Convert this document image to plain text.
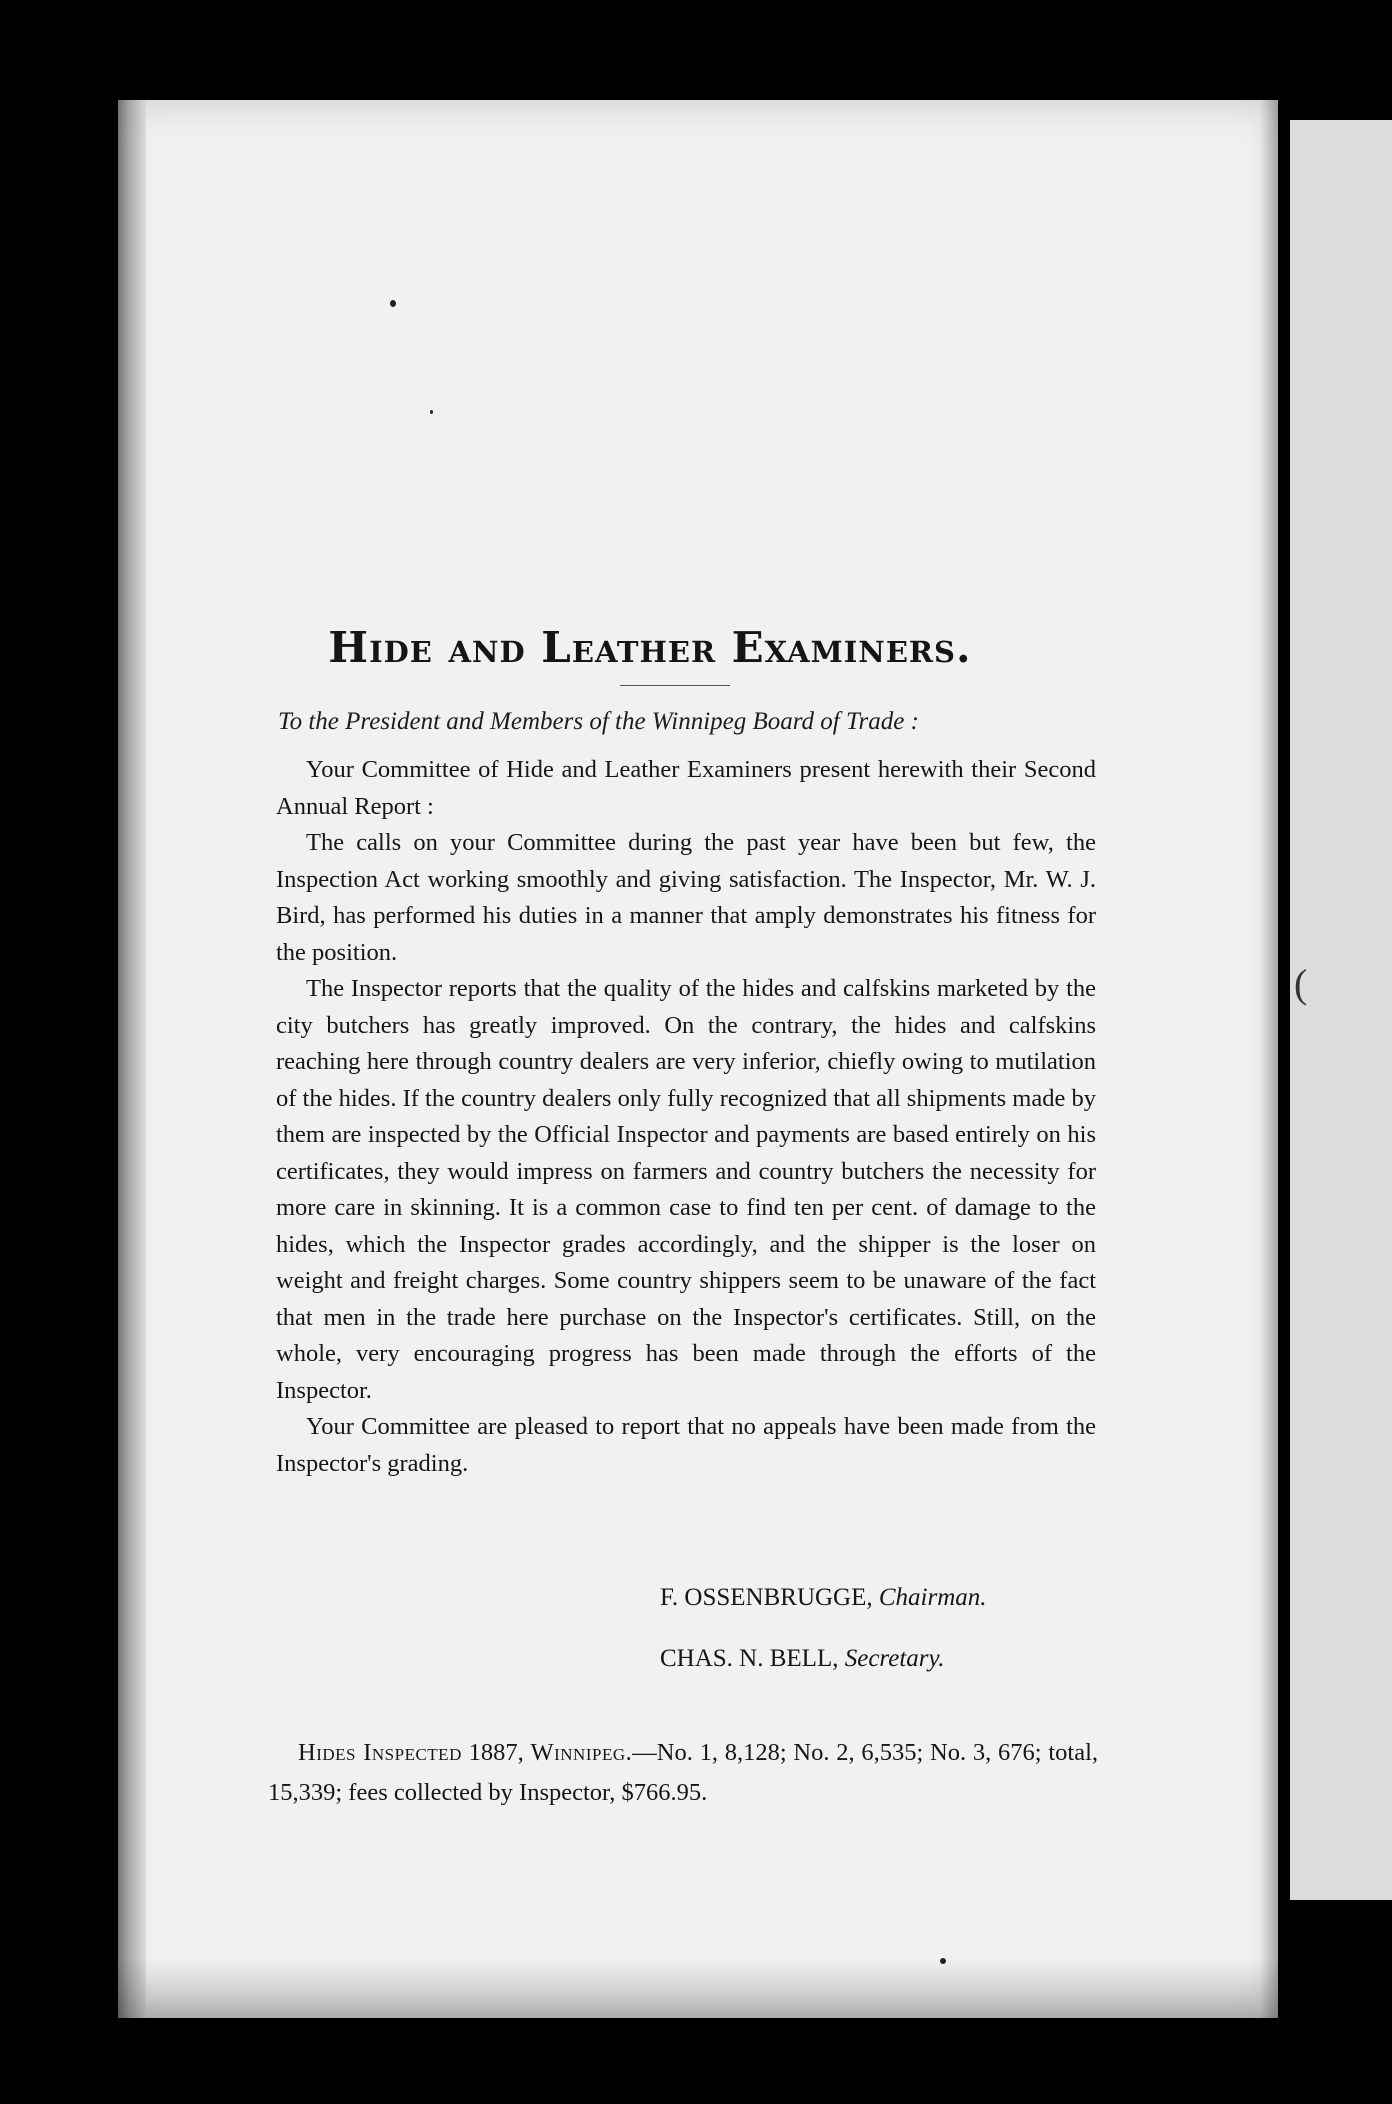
(
Hide and Leather Examiners.
To the President and Members of the Winnipeg Board of Trade :

Your Committee of Hide and Leather Examiners present herewith their Second Annual Report :

The calls on your Committee during the past year have been but few, the Inspection Act working smoothly and giving satisfaction. The Inspector, Mr. W. J. Bird, has performed his duties in a manner that amply demonstrates his fitness for the position.

The Inspector reports that the quality of the hides and calfskins marketed by the city butchers has greatly improved. On the contrary, the hides and calfskins reaching here through country dealers are very inferior, chiefly owing to mutilation of the hides. If the country dealers only fully recognized that all shipments made by them are inspected by the Official Inspector and payments are based entirely on his certificates, they would impress on farmers and country butchers the necessity for more care in skinning. It is a common case to find ten per cent. of damage to the hides, which the Inspector grades accordingly, and the shipper is the loser on weight and freight charges. Some country shippers seem to be unaware of the fact that men in the trade here purchase on the Inspector's certificates. Still, on the whole, very encouraging progress has been made through the efforts of the Inspector.

Your Committee are pleased to report that no appeals have been made from the Inspector's grading.

F. OSSENBRUGGE, Chairman.
CHAS. N. BELL, Secretary.
Hides Inspected 1887, Winnipeg.—No. 1, 8,128; No. 2, 6,535; No. 3, 676; total, 15,339; fees collected by Inspector, $766.95.
